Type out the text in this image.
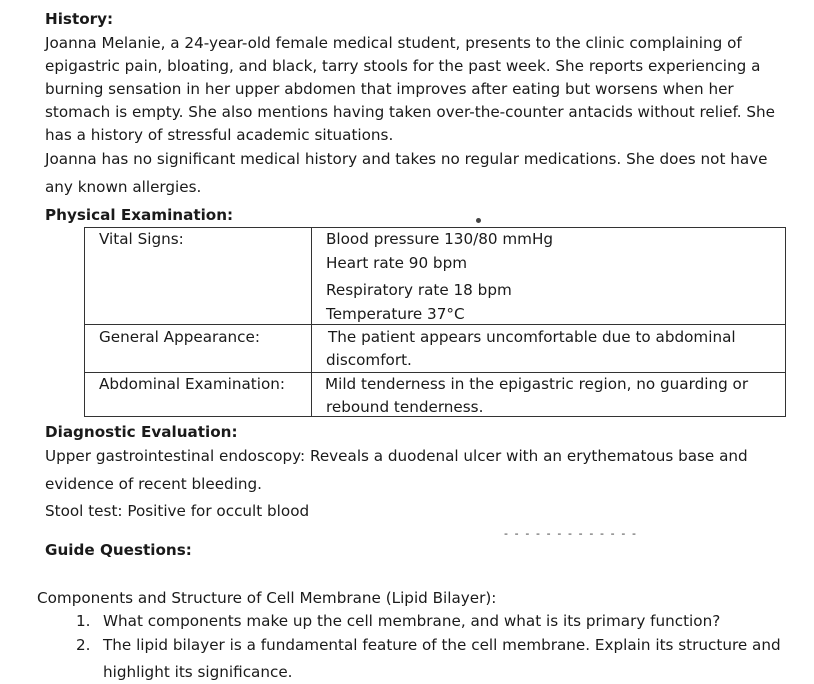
History:
Joanna Melanie, a 24-year-old female medical student, presents to the clinic complaining of
epigastric pain, bloating, and black, tarry stools for the past week. She reports experiencing a
burning sensation in her upper abdomen that improves after eating but worsens when her
stomach is empty. She also mentions having taken over-the-counter antacids without relief. She
has a history of stressful academic situations.
Joanna has no significant medical history and takes no regular medications. She does not have
any known allergies.
Physical Examination:
Vital Signs:	Blood pressure 130/80 mmHg
Heart rate 90 bpm
Respiratory rate 18 bpm
Temperature 37°C
General Appearance:	The patient appears uncomfortable due to abdominal
discomfort.
Abdominal Examination:	Mild tenderness in the epigastric region, no guarding or
rebound tenderness.
Diagnostic Evaluation:
Upper gastrointestinal endoscopy: Reveals a duodenal ulcer with an erythematous base and
evidence of recent bleeding.
Stool test: Positive for occult blood
- - - - - - - - - - - - -
Guide Questions:
Components and Structure of Cell Membrane (Lipid Bilayer):
1. What components make up the cell membrane, and what is its primary function?
2. The lipid bilayer is a fundamental feature of the cell membrane. Explain its structure and
highlight its significance.
